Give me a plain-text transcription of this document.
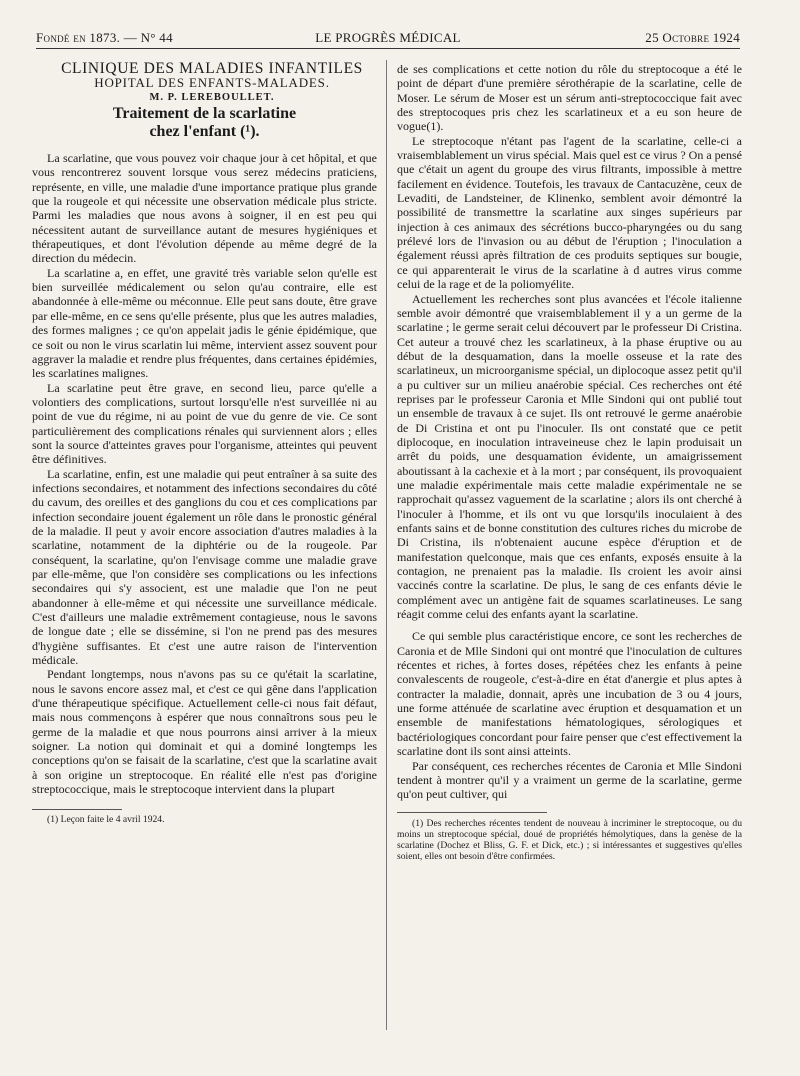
Fondé en 1873. — N° 44	LE PROGRÈS MÉDICAL	25 Octobre 1924

CLINIQUE DES MALADIES INFANTILES

HOPITAL DES ENFANTS-MALADES.

M. P. LEREBOULLET.

Traitement de la scarlatine
chez l'enfant (¹).

La scarlatine, que vous pouvez voir chaque jour à cet hôpital, et que vous rencontrerez souvent lorsque vous serez médecins praticiens, représente, en ville, une maladie d'une importance pratique plus grande que la rougeole et qui nécessite une observation médicale plus stricte. Parmi les maladies que nous avons à soigner, il en est peu qui nécessitent autant de surveillance autant de mesures hygiéniques et thérapeutiques, et dont l'évolution dépende au même degré de la direction du médecin.

La scarlatine a, en effet, une gravité très variable selon qu'elle est bien surveillée médicalement ou selon qu'au contraire, elle est abandonnée à elle-même ou méconnue. Elle peut sans doute, être grave par elle-même, en ce sens qu'elle présente, plus que les autres maladies, des formes malignes ; ce qu'on appelait jadis le génie épidémique, que ce soit ou non le virus scarlatin lui même, intervient assez souvent pour aggraver la maladie et rendre plus fréquentes, dans certaines épidémies, les scarlatines malignes.

La scarlatine peut être grave, en second lieu, parce qu'elle a volontiers des complications, surtout lorsqu'elle n'est surveillée ni au point de vue du régime, ni au point de vue du genre de vie. Ce sont particulièrement des complications rénales qui surviennent alors ; elles sont la source d'atteintes graves pour l'organisme, atteintes qui peuvent être définitives.

La scarlatine, enfin, est une maladie qui peut entraîner à sa suite des infections secondaires, et notamment des infections secondaires du côté du cavum, des oreilles et des ganglions du cou et ces complications par infection secondaire jouent également un rôle dans le pronostic général de la maladie. Il peut y avoir encore association d'autres maladies à la scarlatine, notamment de la diphtérie ou de la rougeole. Par conséquent, la scarlatine, qu'on l'envisage comme une maladie grave par elle-même, que l'on considère ses complications ou les infections secondaires qui s'y associent, est une maladie que l'on ne peut abandonner à elle-même et qui nécessite une surveillance médicale. C'est d'ailleurs une maladie extrêmement contagieuse, nous le savons de longue date ; elle se dissémine, si l'on ne prend pas des mesures d'hygiène suffisantes. Et c'est une autre raison de l'intervention médicale.

Pendant longtemps, nous n'avons pas su ce qu'était la scarlatine, nous le savons encore assez mal, et c'est ce qui gêne dans l'application d'une thérapeutique spécifique. Actuellement celle-ci nous fait défaut, mais nous commençons à espérer que nous connaîtrons sous peu le germe de la maladie et que nous pourrons ainsi arriver à la mieux soigner. La notion qui dominait et qui a dominé longtemps les conceptions qu'on se faisait de la scarlatine, c'est que la scarlatine avait à son origine un streptocoque. En réalité elle n'est pas d'origine streptococcique, mais le streptocoque intervient dans la plupart

(1) Leçon faite le 4 avril 1924.

de ses complications et cette notion du rôle du streptocoque a été le point de départ d'une première sérothérapie de la scarlatine, celle de Moser. Le sérum de Moser est un sérum anti-streptococcique fait avec des streptocoques pris chez les scarlatineux et a eu son heure de vogue(1).

Le streptocoque n'étant pas l'agent de la scarlatine, celle-ci a vraisemblablement un virus spécial. Mais quel est ce virus ? On a pensé que c'était un agent du groupe des virus filtrants, impossible à mettre facilement en évidence. Toutefois, les travaux de Cantacuzène, ceux de Levaditi, de Landsteiner, de Klinenko, semblent avoir démontré la possibilité de transmettre la scarlatine aux singes supérieurs par injection à ces animaux des sécrétions bucco-pharyngées ou du sang prélevé lors de l'invasion ou au début de l'éruption ; l'inoculation a également réussi après filtration de ces produits septiques sur bougie, ce qui apparenterait le virus de la scarlatine à d autres virus comme celui de la rage et de la poliomyélite.

Actuellement les recherches sont plus avancées et l'école italienne semble avoir démontré que vraisemblablement il y a un germe de la scarlatine ; le germe serait celui découvert par le professeur Di Cristina. Cet auteur a trouvé chez les scarlatineux, à la phase éruptive ou au début de la desquamation, dans la moelle osseuse et la rate des scarlatineux, un microorganisme spécial, un diplocoque assez petit qu'il a pu cultiver sur un milieu anaérobie spécial. Ces recherches ont été reprises par le professeur Caronia et Mlle Sindoni qui ont publié tout un ensemble de travaux à ce sujet. Ils ont retrouvé le germe anaérobie de Di Cristina et ont pu l'inoculer. Ils ont constaté que ce petit diplocoque, en inoculation intraveineuse chez le lapin produisait un arrêt du poids, une desquamation évidente, un amaigrissement aboutissant à la cachexie et à la mort ; par conséquent, ils provoquaient une maladie expérimentale mais cette maladie expérimentale ne se rapprochait qu'assez vaguement de la scarlatine ; alors ils ont cherché à l'inoculer à l'homme, et ils ont vu que lorsqu'ils inoculaient à des enfants sains et de bonne constitution des cultures riches du microbe de Di Cristina, ils n'obtenaient aucune espèce d'éruption et de manifestation quelconque, mais que ces enfants, exposés ensuite à la contagion, ne prenaient pas la maladie. Ils croient les avoir ainsi vaccinés contre la scarlatine. De plus, le sang de ces enfants dévie le complément avec un antigène fait de squames scarlatineuses. Le sang réagit comme celui des enfants ayant la scarlatine.

Ce qui semble plus caractéristique encore, ce sont les recherches de Caronia et de Mlle Sindoni qui ont montré que l'inoculation de cultures récentes et riches, à fortes doses, répétées chez les enfants à peine convalescents de rougeole, c'est-à-dire en état d'anergie et plus aptes à contracter la maladie, donnait, après une incubation de 3 ou 4 jours, une forme atténuée de scarlatine avec éruption et desquamation et un ensemble de manifestations hématologiques, sérologiques et bactériologiques concordant pour faire penser que c'est effectivement la scarlatine dont ils sont ainsi atteints.

Par conséquent, ces recherches récentes de Caronia et Mlle Sindoni tendent à montrer qu'il y a vraiment un germe de la scarlatine, germe qu'on peut cultiver, qui

(1) Des recherches récentes tendent de nouveau à incriminer le streptocoque, ou du moins un streptocoque spécial, doué de propriétés hémolytiques, dans la genèse de la scarlatine (Dochez et Bliss, G. F. et Dick, etc.) ; si intéressantes et suggestives qu'elles soient, elles ont besoin d'être confirmées.
